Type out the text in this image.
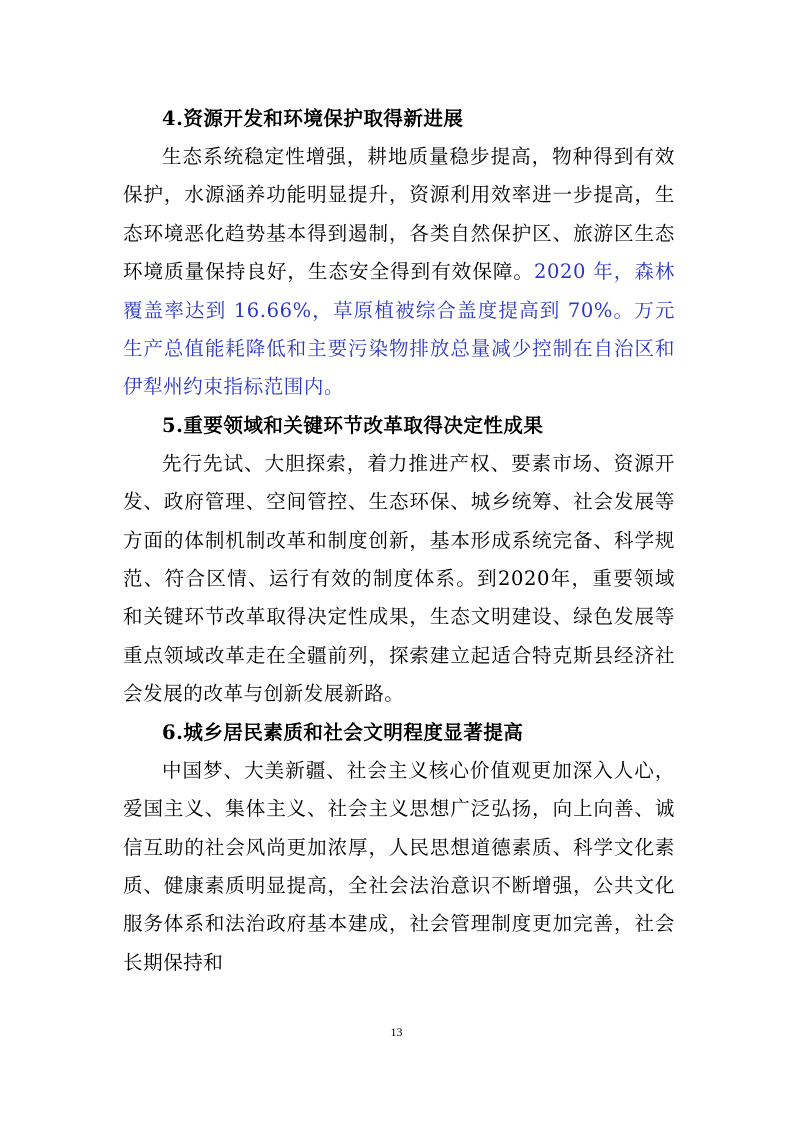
4.资源开发和环境保护取得新进展

生态系统稳定性增强，耕地质量稳步提高，物种得到有效保护，水源涵养功能明显提升，资源利用效率进一步提高，生态环境恶化趋势基本得到遏制，各类自然保护区、旅游区生态环境质量保持良好，生态安全得到有效保障。2020 年，森林覆盖率达到 16.66%，草原植被综合盖度提高到 70%。万元生产总值能耗降低和主要污染物排放总量减少控制在自治区和伊犁州约束指标范围内。

5.重要领域和关键环节改革取得决定性成果

先行先试、大胆探索，着力推进产权、要素市场、资源开发、政府管理、空间管控、生态环保、城乡统筹、社会发展等方面的体制机制改革和制度创新，基本形成系统完备、科学规范、符合区情、运行有效的制度体系。到2020年，重要领域和关键环节改革取得决定性成果，生态文明建设、绿色发展等重点领域改革走在全疆前列，探索建立起适合特克斯县经济社会发展的改革与创新发展新路。

6.城乡居民素质和社会文明程度显著提高

中国梦、大美新疆、社会主义核心价值观更加深入人心，爱国主义、集体主义、社会主义思想广泛弘扬，向上向善、诚信互助的社会风尚更加浓厚，人民思想道德素质、科学文化素质、健康素质明显提高，全社会法治意识不断增强，公共文化服务体系和法治政府基本建成，社会管理制度更加完善，社会长期保持和

13
